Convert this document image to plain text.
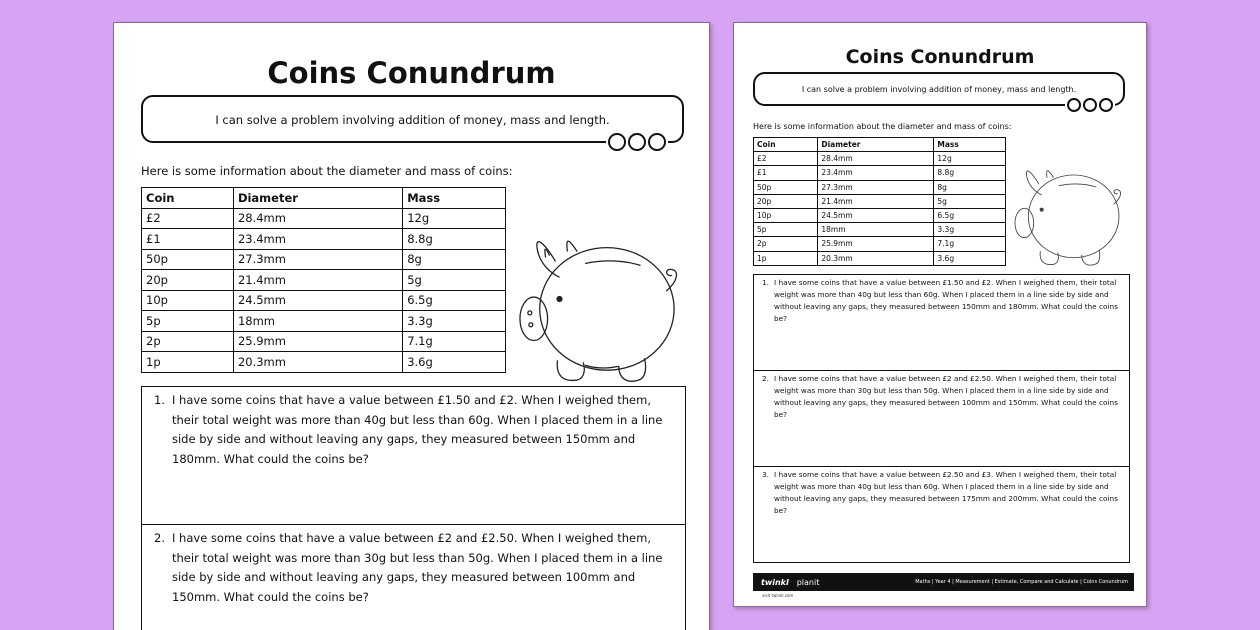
Coins Conundrum
I can solve a problem involving addition of money, mass and length.
Here is some information about the diameter and mass of coins:
Coin	Diameter	Mass
£2	28.4mm	12g
£1	23.4mm	8.8g
50p	27.3mm	8g
20p	21.4mm	5g
10p	24.5mm	6.5g
5p	18mm	3.3g
2p	25.9mm	7.1g
1p	20.3mm	3.6g
1. I have some coins that have a value between £1.50 and £2. When I weighed them, their total weight was more than 40g but less than 60g. When I placed them in a line side by side and without leaving any gaps, they measured between 150mm and 180mm. What could the coins be?
2. I have some coins that have a value between £2 and £2.50. When I weighed them, their total weight was more than 30g but less than 50g. When I placed them in a line side by side and without leaving any gaps, they measured between 100mm and 150mm. What could the coins be?
Coins Conundrum
I can solve a problem involving addition of money, mass and length.
Here is some information about the diameter and mass of coins:
Coin	Diameter	Mass
£2	28.4mm	12g
£1	23.4mm	8.8g
50p	27.3mm	8g
20p	21.4mm	5g
10p	24.5mm	6.5g
5p	18mm	3.3g
2p	25.9mm	7.1g
1p	20.3mm	3.6g
1. I have some coins that have a value between £1.50 and £2. When I weighed them, their total weight was more than 40g but less than 60g. When I placed them in a line side by side and without leaving any gaps, they measured between 150mm and 180mm. What could the coins be?
2. I have some coins that have a value between £2 and £2.50. When I weighed them, their total weight was more than 30g but less than 50g. When I placed them in a line side by side and without leaving any gaps, they measured between 100mm and 150mm. What could the coins be?
3. I have some coins that have a value between £2.50 and £3. When I weighed them, their total weight was more than 40g but less than 60g. When I placed them in a line side by side and without leaving any gaps, they measured between 175mm and 200mm. What could the coins be?
twinkl	planit	Maths | Year 4 | Measurement | Estimate, Compare and Calculate | Coins Conundrum
visit twinkl.com
